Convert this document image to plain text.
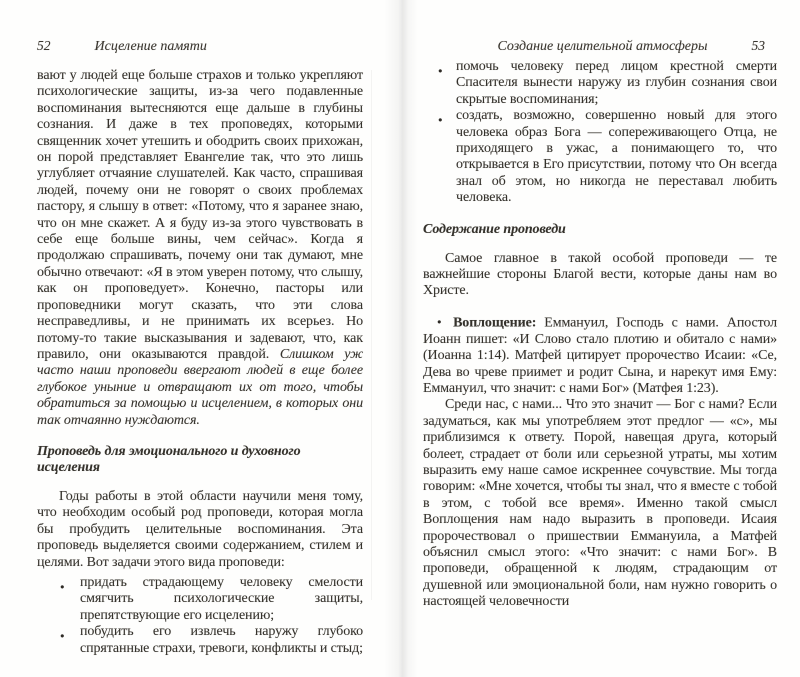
52	Исцеление памяти
вают у людей еще больше страхов и только укрепляют психологические защиты, из-за чего подавленные воспоминания вытесняются еще дальше в глубины сознания. И даже в тех проповедях, которыми священник хочет утешить и ободрить своих прихожан, он порой представляет Евангелие так, что это лишь углубляет отчаяние слушателей. Как часто, спрашивая людей, почему они не говорят о своих проблемах пастору, я слышу в ответ: «Потому, что я заранее знаю, что он мне скажет. А я буду из-за этого чувствовать в себе еще больше вины, чем сейчас». Когда я продолжаю спрашивать, почему они так думают, мне обычно отвечают: «Я в этом уверен потому, что слышу, как он проповедует». Конечно, пасторы или проповедники могут сказать, что эти слова несправедливы, и не принимать их всерьез. Но потому-то такие высказывания и задевают, что, как правило, они оказываются правдой. Слишком уж часто наши проповеди ввергают людей в еще более глубокое уныние и отвращают их от того, чтобы обратиться за помощью и исцелением, в которых они так отчаянно нуждаются.
Проповедь для эмоционального и духовного исцеления
Годы работы в этой области научили меня тому, что необходим особый род проповеди, которая могла бы пробудить целительные воспоминания. Эта проповедь выделяется своими содержанием, стилем и целями. Вот задачи этого вида проповеди:
● придать страдающему человеку смелости смягчить психологические защиты, препятствующие его исцелению;
● побудить его извлечь наружу глубоко спрятанные страхи, тревоги, конфликты и стыд;
Создание целительной атмосферы	53
● помочь человеку перед лицом крестной смерти Спасителя вынести наружу из глубин сознания свои скрытые воспоминания;
● создать, возможно, совершенно новый для этого человека образ Бога — сопереживающего Отца, не приходящего в ужас, а понимающего то, что открывается в Его присутствии, потому что Он всегда знал об этом, но никогда не переставал любить человека.
Содержание проповеди
Самое главное в такой особой проповеди — те важнейшие стороны Благой вести, которые даны нам во Христе.
● Воплощение: Еммануил, Господь с нами. Апостол Иоанн пишет: «И Слово стало плотию и обитало с нами» (Иоанна 1:14). Матфей цитирует пророчество Исаии: «Се, Дева во чреве приимет и родит Сына, и нарекут имя Ему: Еммануил, что значит: с нами Бог» (Матфея 1:23).
Среди нас, с нами... Что это значит — Бог с нами? Если задуматься, как мы употребляем этот предлог — «с», мы приблизимся к ответу. Порой, навещая друга, который болеет, страдает от боли или серьезной утраты, мы хотим выразить ему наше самое искреннее сочувствие. Мы тогда говорим: «Мне хочется, чтобы ты знал, что я вместе с тобой в этом, с тобой все время». Именно такой смысл Воплощения нам надо выразить в проповеди. Исаия пророчествовал о пришествии Еммануила, а Матфей объяснил смысл этого: «Что значит: с нами Бог». В проповеди, обращенной к людям, страдающим от душевной или эмоциональной боли, нам нужно говорить о настоящей человечности
